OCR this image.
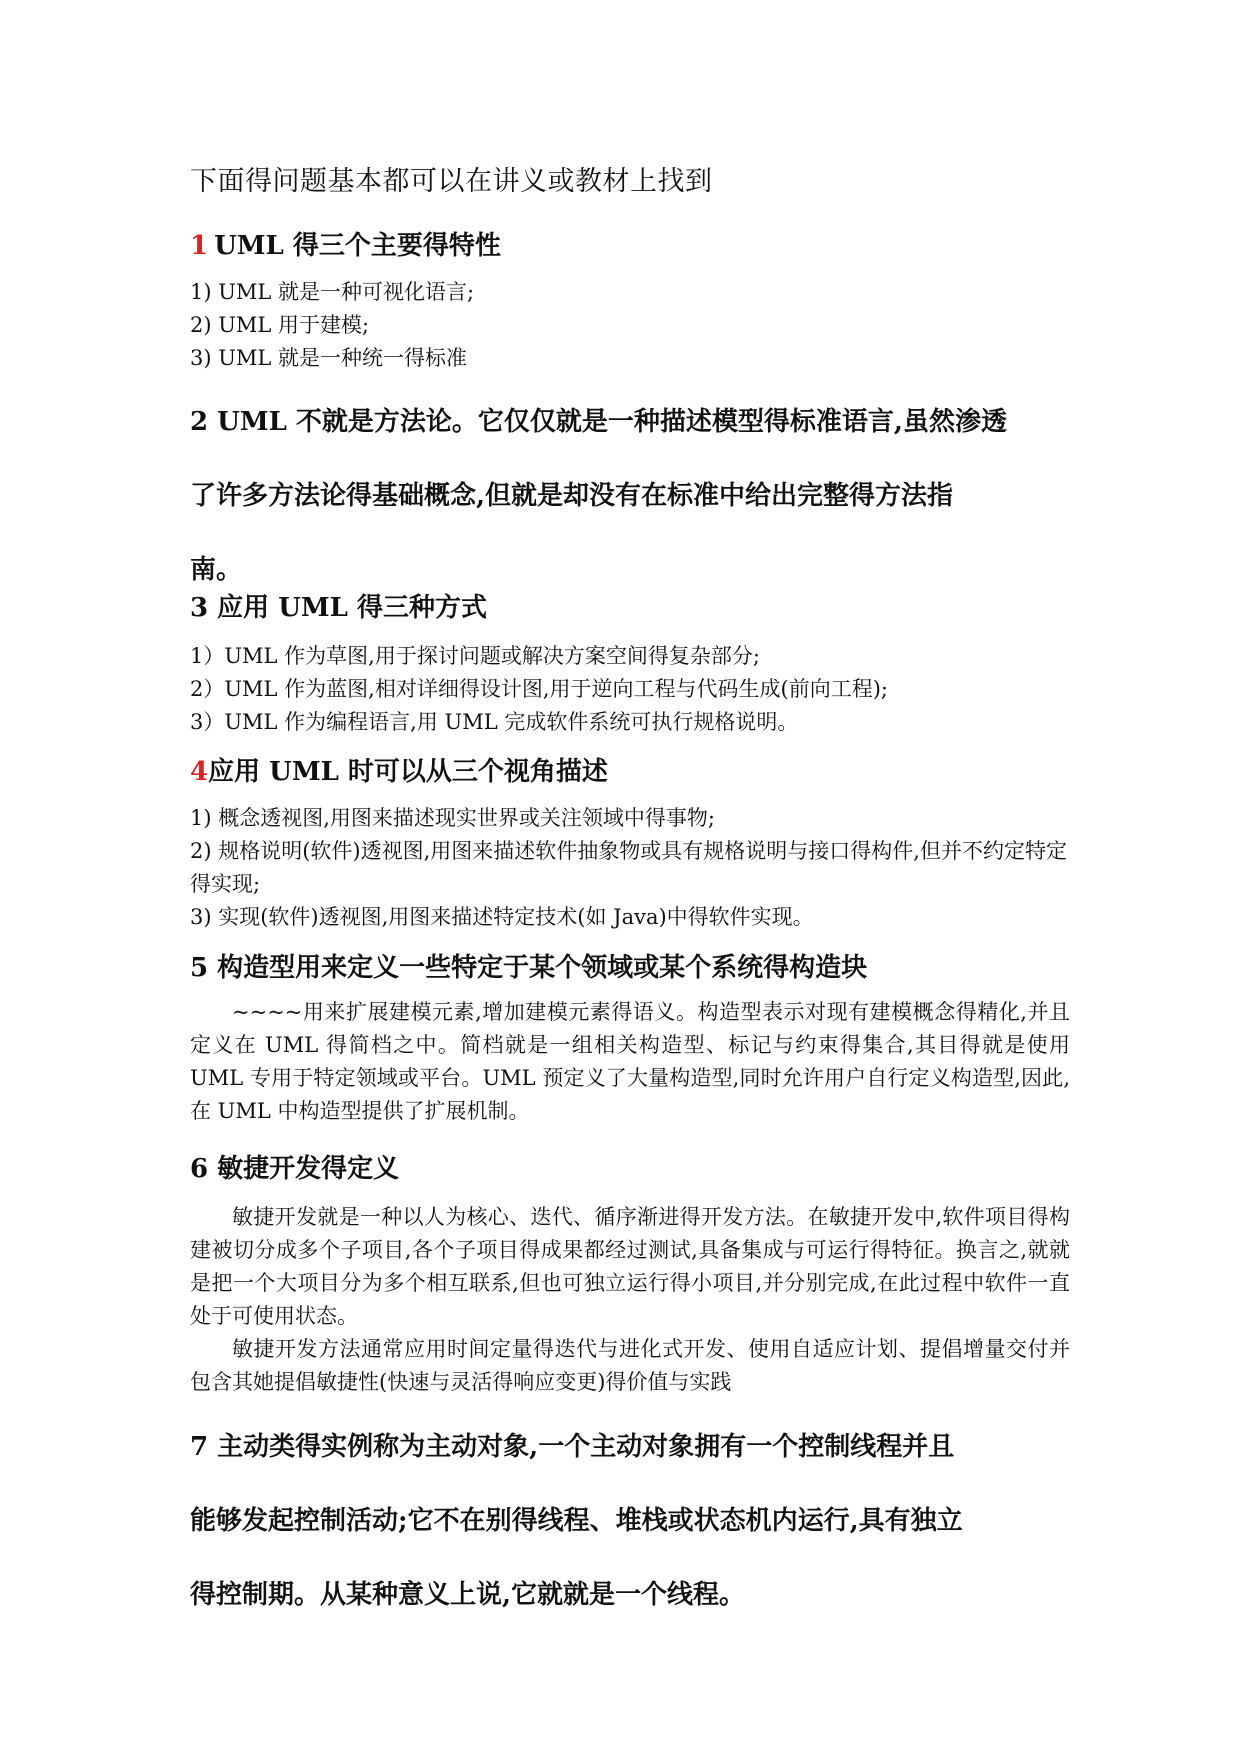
下面得问题基本都可以在讲义或教材上找到

1 UML 得三个主要得特性
1) UML 就是一种可视化语言;
2) UML 用于建模;
3) UML 就是一种统一得标准
2 UML 不就是方法论。它仅仅就是一种描述模型得标准语言,虽然渗透
了许多方法论得基础概念,但就是却没有在标准中给出完整得方法指
南。
3 应用 UML 得三种方式
1）UML 作为草图,用于探讨问题或解决方案空间得复杂部分;
2）UML 作为蓝图,相对详细得设计图,用于逆向工程与代码生成(前向工程);
3）UML 作为编程语言,用 UML 完成软件系统可执行规格说明。
4应用 UML 时可以从三个视角描述
1) 概念透视图,用图来描述现实世界或关注领域中得事物;
2) 规格说明(软件)透视图,用图来描述软件抽象物或具有规格说明与接口得构件,但并不约定特定得实现;
3) 实现(软件)透视图,用图来描述特定技术(如 Java)中得软件实现。
5 构造型用来定义一些特定于某个领域或某个系统得构造块

~~~~用来扩展建模元素,增加建模元素得语义。构造型表示对现有建模概念得精化,并且定义在 UML 得简档之中。简档就是一组相关构造型、标记与约束得集合,其目得就是使用 UML 专用于特定领域或平台。UML 预定义了大量构造型,同时允许用户自行定义构造型,因此,在 UML 中构造型提供了扩展机制。

6 敏捷开发得定义

敏捷开发就是一种以人为核心、迭代、循序渐进得开发方法。在敏捷开发中,软件项目得构建被切分成多个子项目,各个子项目得成果都经过测试,具备集成与可运行得特征。换言之,就就是把一个大项目分为多个相互联系,但也可独立运行得小项目,并分别完成,在此过程中软件一直处于可使用状态。

敏捷开发方法通常应用时间定量得迭代与进化式开发、使用自适应计划、提倡增量交付并包含其她提倡敏捷性(快速与灵活得响应变更)得价值与实践

7 主动类得实例称为主动对象,一个主动对象拥有一个控制线程并且
能够发起控制活动;它不在别得线程、堆栈或状态机内运行,具有独立
得控制期。从某种意义上说,它就就是一个线程。
